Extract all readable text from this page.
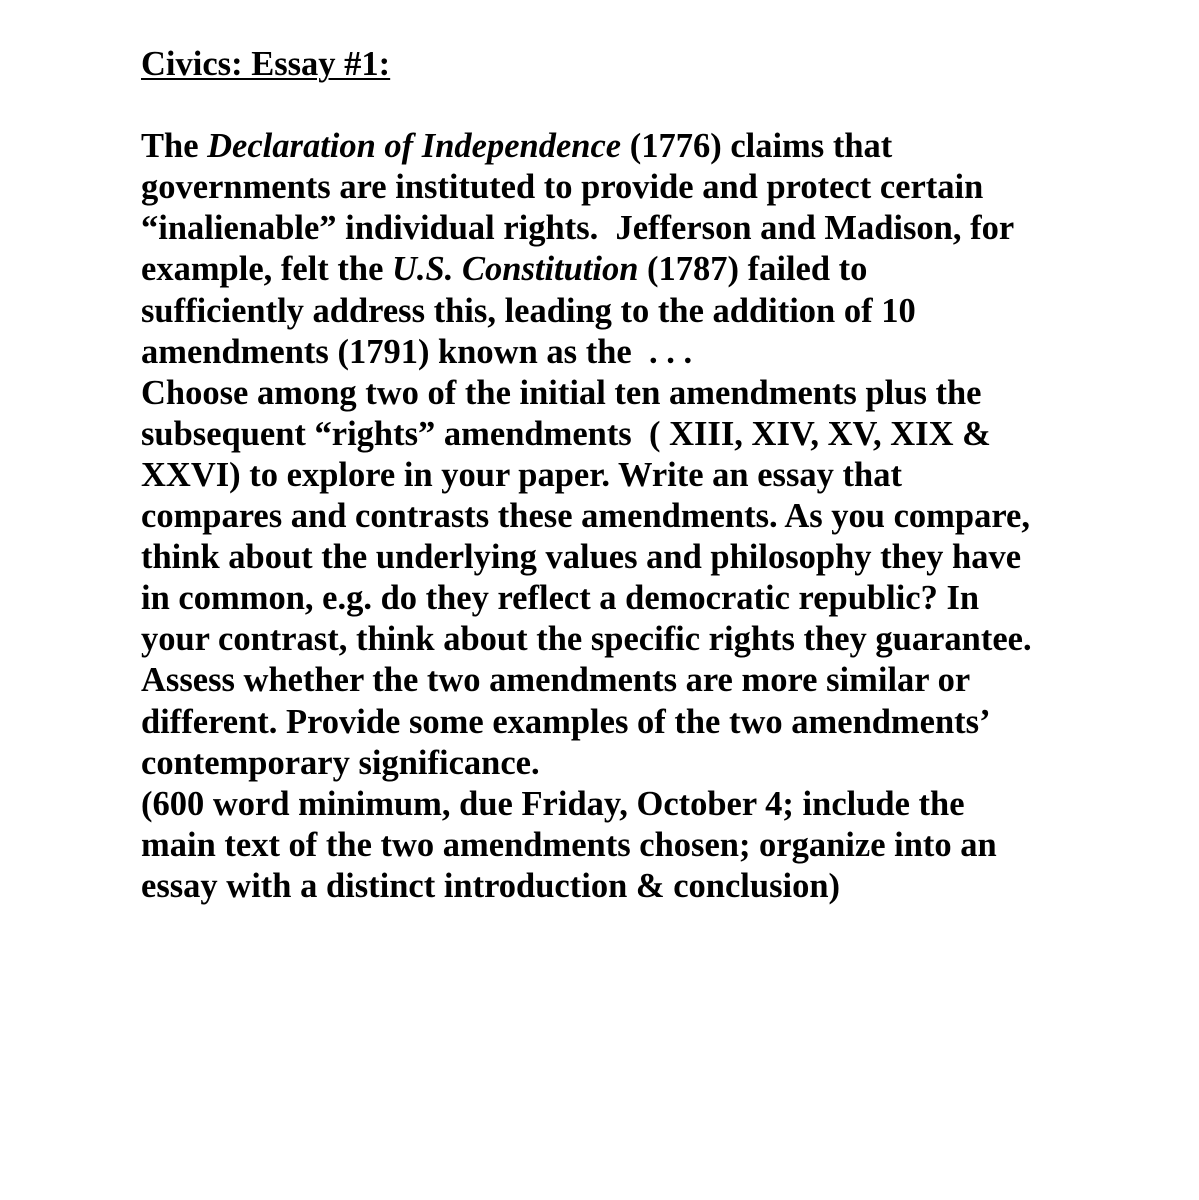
Civics: Essay #1:
The Declaration of Independence (1776) claims that
governments are instituted to provide and protect certain
“inalienable” individual rights.  Jefferson and Madison, for
example, felt the U.S. Constitution (1787) failed to
sufficiently address this, leading to the addition of 10
amendments (1791) known as the  . . .
Choose among two of the initial ten amendments plus the
subsequent “rights” amendments  ( XIII, XIV, XV, XIX &
XXVI) to explore in your paper. Write an essay that
compares and contrasts these amendments. As you compare,
think about the underlying values and philosophy they have
in common, e.g. do they reflect a democratic republic? In
your contrast, think about the specific rights they guarantee.
Assess whether the two amendments are more similar or
different. Provide some examples of the two amendments’
contemporary significance.
(600 word minimum, due Friday, October 4; include the
main text of the two amendments chosen; organize into an
essay with a distinct introduction & conclusion)
